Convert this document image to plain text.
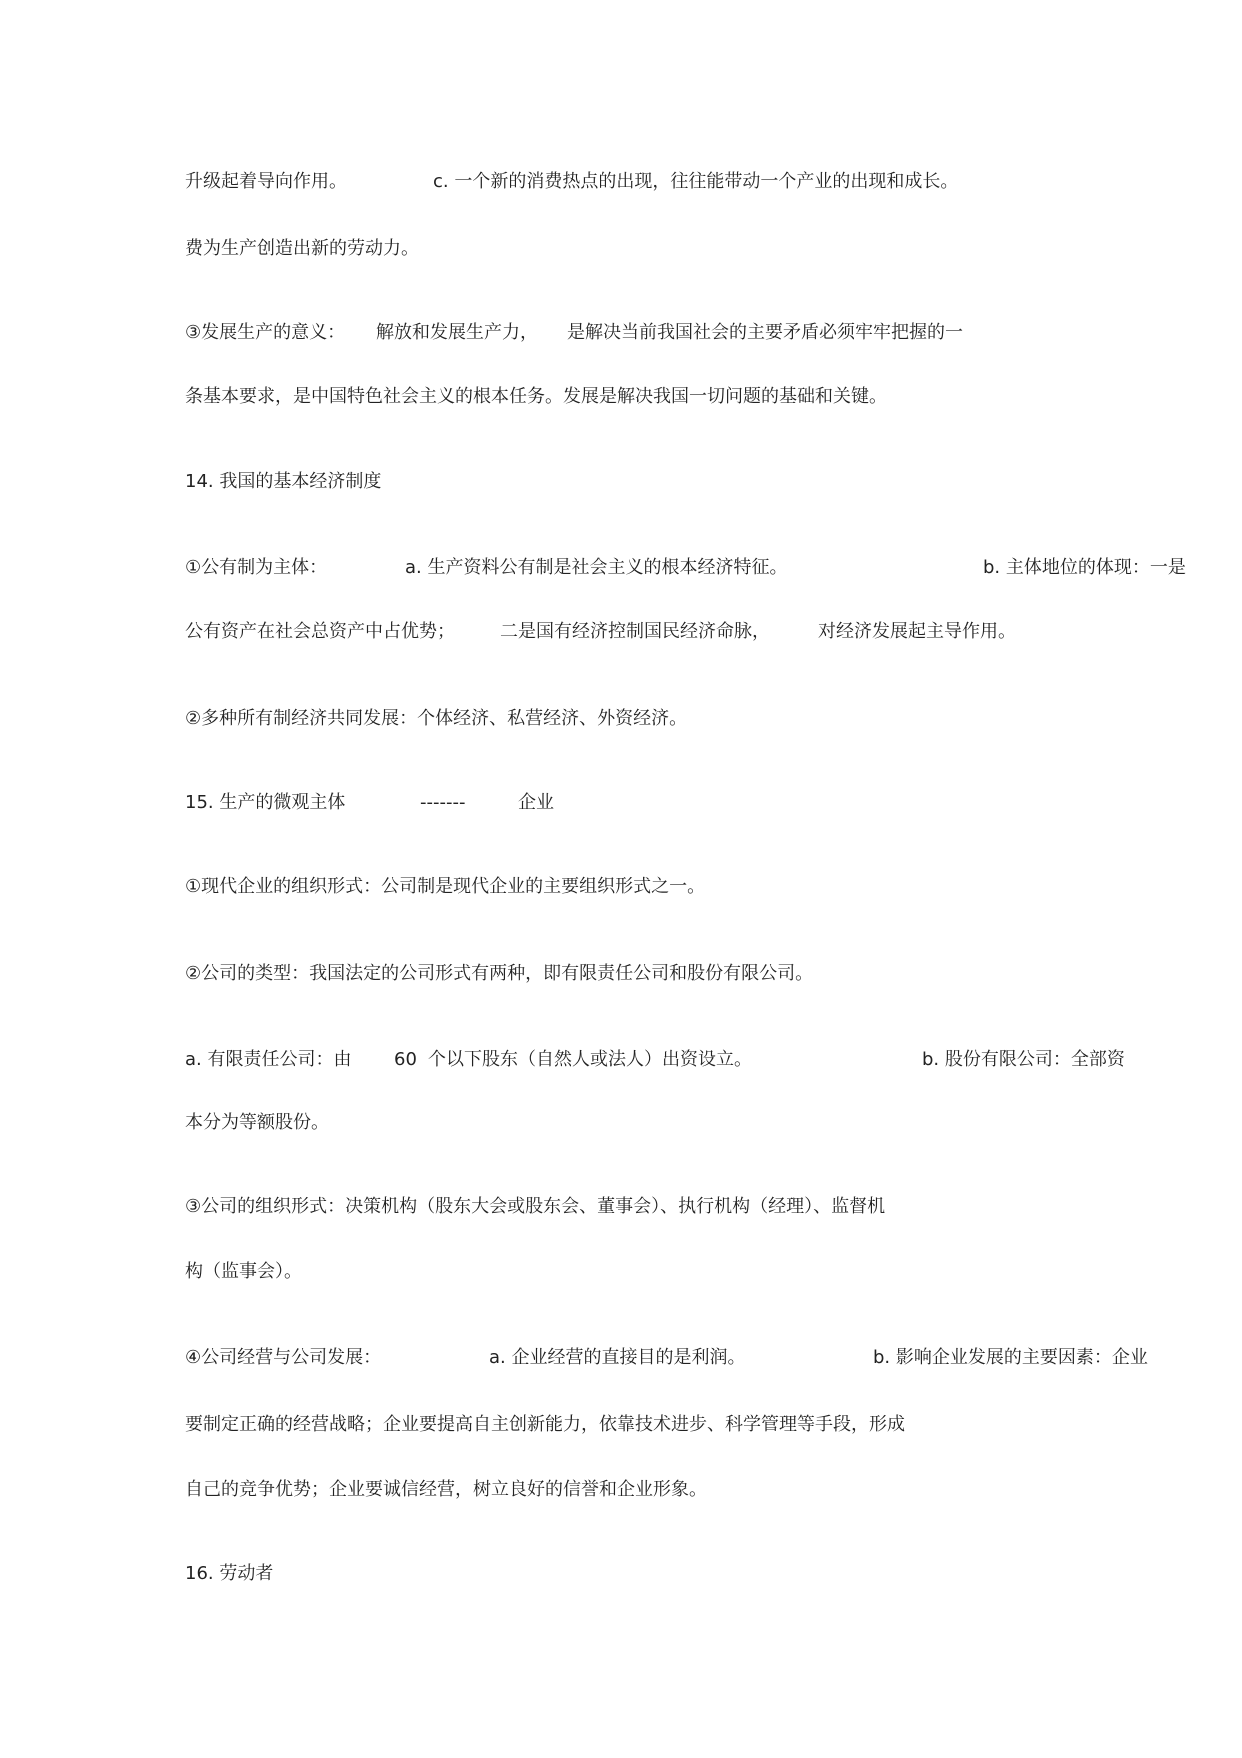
升级起着导向作用。	c. 一个新的消费热点的出现，往往能带动一个产业的出现和成长。
费为生产创造出新的劳动力。
③发展生产的意义： 解放和发展生产力， 是解决当前我国社会的主要矛盾必须牢牢把握的一
条基本要求，是中国特色社会主义的根本任务。发展是解决我国一切问题的基础和关键。
14. 我国的基本经济制度
①公有制为主体：	a. 生产资料公有制是社会主义的根本经济特征。	b. 主体地位的体现：一是
公有资产在社会总资产中占优势；	二是国有经济控制国民经济命脉，	对经济发展起主导作用。
②多种所有制经济共同发展：个体经济、私营经济、外资经济。
15. 生产的微观主体	-------	企业
①现代企业的组织形式：公司制是现代企业的主要组织形式之一。
②公司的类型：我国法定的公司形式有两种，即有限责任公司和股份有限公司。
a. 有限责任公司：由 60 个以下股东（自然人或法人）出资设立。	b. 股份有限公司：全部资
本分为等额股份。
③公司的组织形式：决策机构（股东大会或股东会、董事会）、执行机构（经理）、监督机
构（监事会）。
④公司经营与公司发展：	a. 企业经营的直接目的是利润。	b. 影响企业发展的主要因素：企业
要制定正确的经营战略；企业要提高自主创新能力，依靠技术进步、科学管理等手段，形成
自己的竞争优势；企业要诚信经营，树立良好的信誉和企业形象。
16. 劳动者
